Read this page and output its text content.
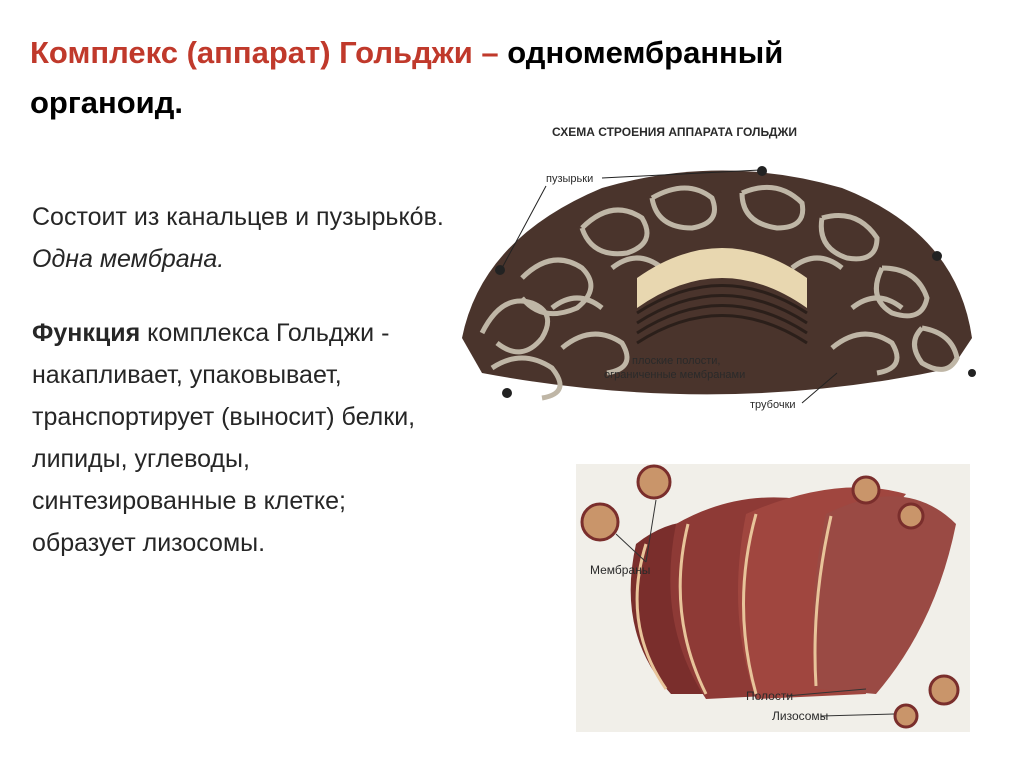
Комплекс (аппарат) Гольджи – одномембранный
органоид.

Состоит из канальцев и пузырько́в. Одна мембрана.

Функция комплекса Гольджи - накапливает, упаковывает, транспортирует (выносит) белки, липиды, углеводы, синтезированные в клетке; образует лизосомы.

СХЕМА СТРОЕНИЯ АППАРАТА ГОЛЬДЖИ
пузырьки
плоские полости,
ограниченные мембранами
трубочки
Мембраны
Полости
Лизосомы
